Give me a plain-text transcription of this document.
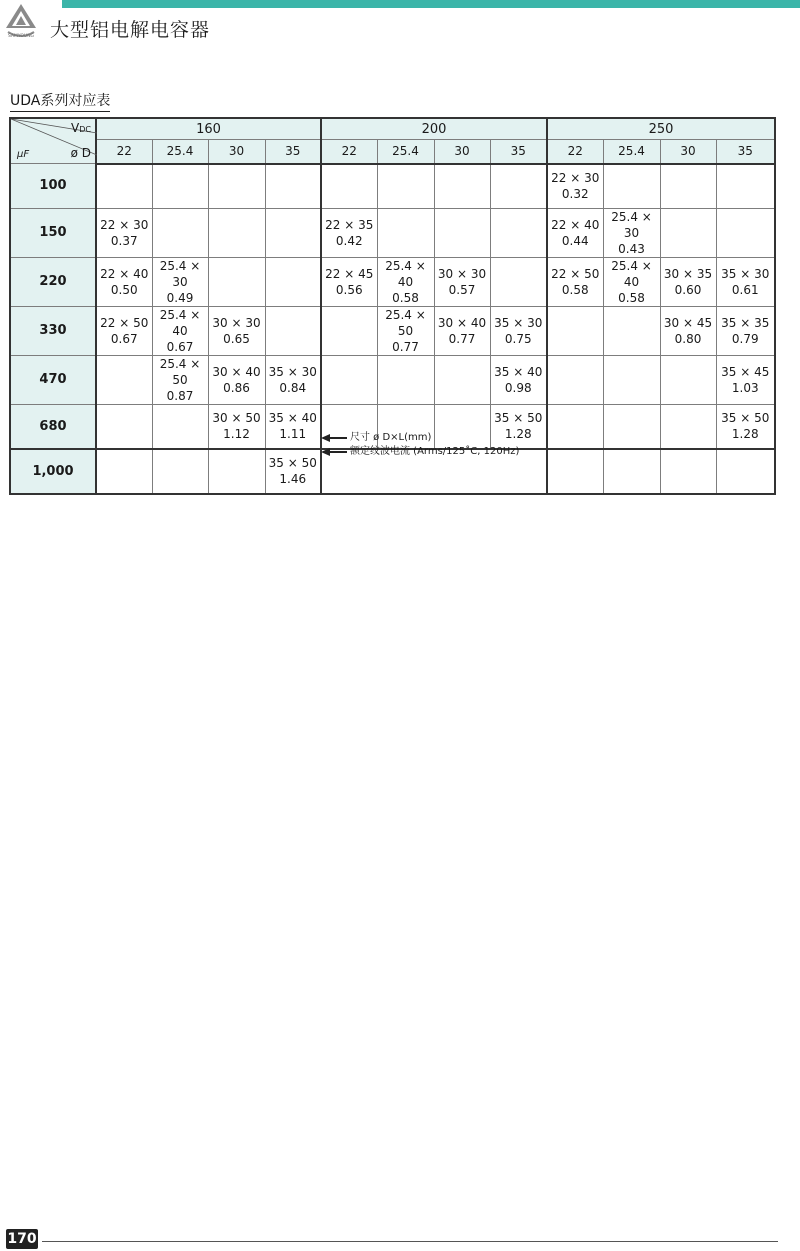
SAMYOUNG 大型铝电解电容器
UDA系列对应表
VDC
ø D
μF	160				200				250			
	22	25.4	30	35	22	25.4	30	35	22	25.4	30	35
100									22 × 30
0.32			

150	22 × 30
0.37				22 × 35
0.42				22 × 40
0.44	25.4 × 30
0.43		

220	22 × 40
0.50	25.4 × 30
0.49			22 × 45
0.56	25.4 × 40
0.58	30 × 30
0.57		22 × 50
0.58	25.4 × 40
0.58	30 × 35
0.60	35 × 30
0.61

330	22 × 50
0.67	25.4 × 40
0.67	30 × 30
0.65			25.4 × 50
0.77	30 × 40
0.77	35 × 30
0.75			30 × 45
0.80	35 × 35
0.79

470		25.4 × 50
0.87	30 × 40
0.86	35 × 30
0.84				35 × 40
0.98				35 × 45
1.03

680			30 × 50
1.12	35 × 40
1.11				35 × 50
1.28				35 × 50
1.28

1,000				35 × 50
1.46								

尺寸 ø D×L(mm)
额定纹波电流 (Arms/125˚C, 120Hz)
170
